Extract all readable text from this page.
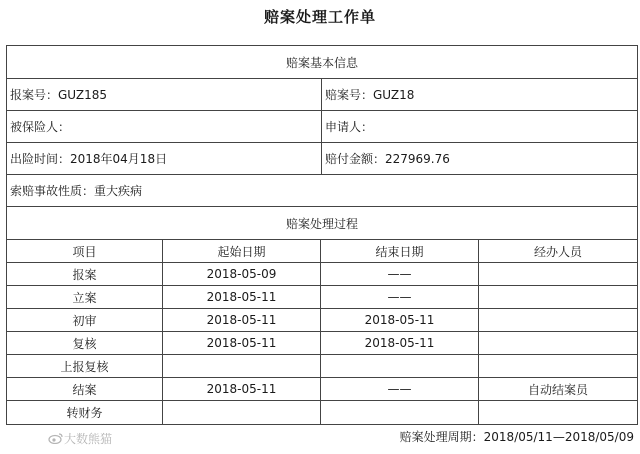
赔案处理工作单
赔案基本信息
报案号：GUZ185	赔案号：GUZ18
被保险人：	申请人：
出险时间：2018年04月18日	赔付金额：227969.76
索赔事故性质：重大疾病
赔案处理过程
项目	起始日期	结束日期	经办人员
报案	2018-05-09	——
立案	2018-05-11	——
初审	2018-05-11	2018-05-11
复核	2018-05-11	2018-05-11
上报复核
结案	2018-05-11	——	自动结案员
转财务
大数熊猫	赔案处理周期：2018/05/11—2018/05/09
